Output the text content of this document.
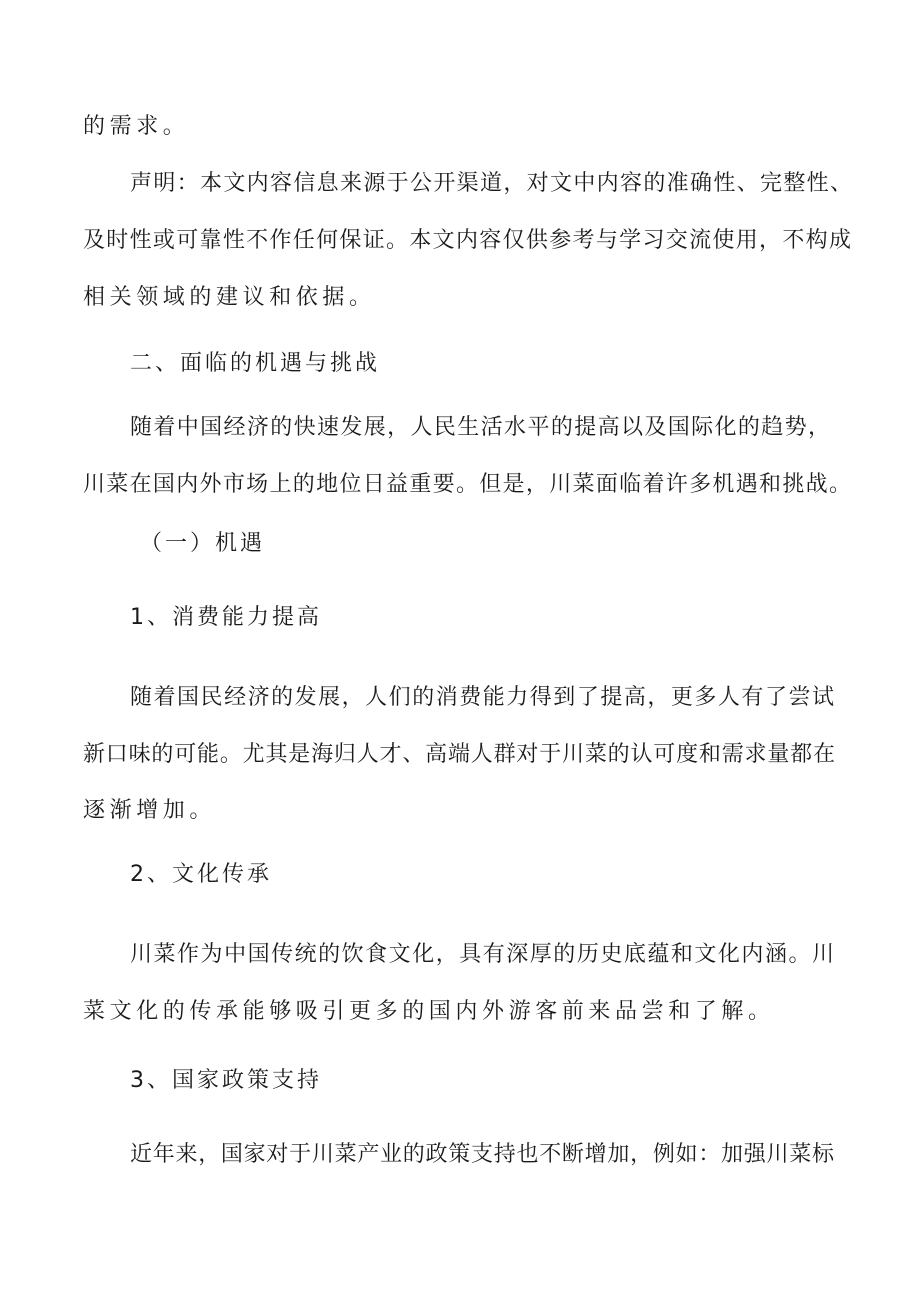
的需求。
声明：本文内容信息来源于公开渠道，对文中内容的准确性、完整性、
及时性或可靠性不作任何保证。本文内容仅供参考与学习交流使用，不构成
相关领域的建议和依据。
二、面临的机遇与挑战
随着中国经济的快速发展，人民生活水平的提高以及国际化的趋势，
川菜在国内外市场上的地位日益重要。但是，川菜面临着许多机遇和挑战。
（一）机遇
1、消费能力提高
随着国民经济的发展，人们的消费能力得到了提高，更多人有了尝试
新口味的可能。尤其是海归人才、高端人群对于川菜的认可度和需求量都在
逐渐增加。
2、文化传承
川菜作为中国传统的饮食文化，具有深厚的历史底蕴和文化内涵。川
菜文化的传承能够吸引更多的国内外游客前来品尝和了解。
3、国家政策支持
近年来，国家对于川菜产业的政策支持也不断增加，例如：加强川菜标
